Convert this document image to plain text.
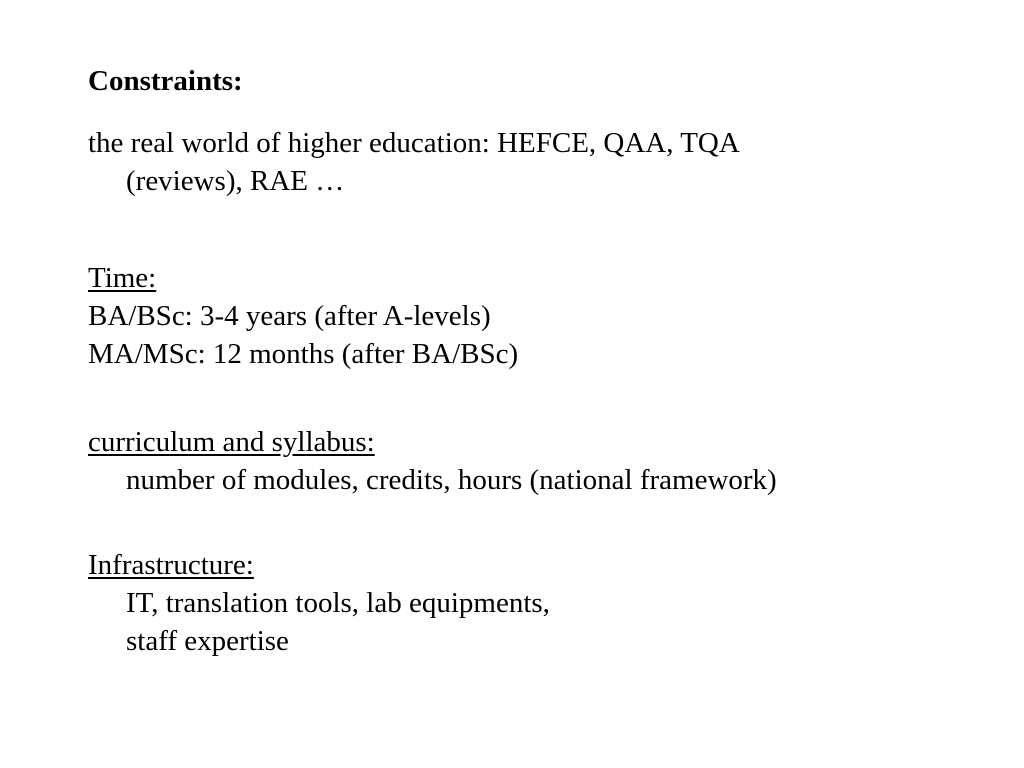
Constraints:
the real world of higher education: HEFCE, QAA, TQA
(reviews), RAE …
Time:
BA/BSc: 3-4 years (after A-levels)
MA/MSc: 12 months (after BA/BSc)
curriculum and syllabus:
number of modules, credits, hours (national framework)
Infrastructure:
IT, translation tools, lab equipments,
staff expertise
